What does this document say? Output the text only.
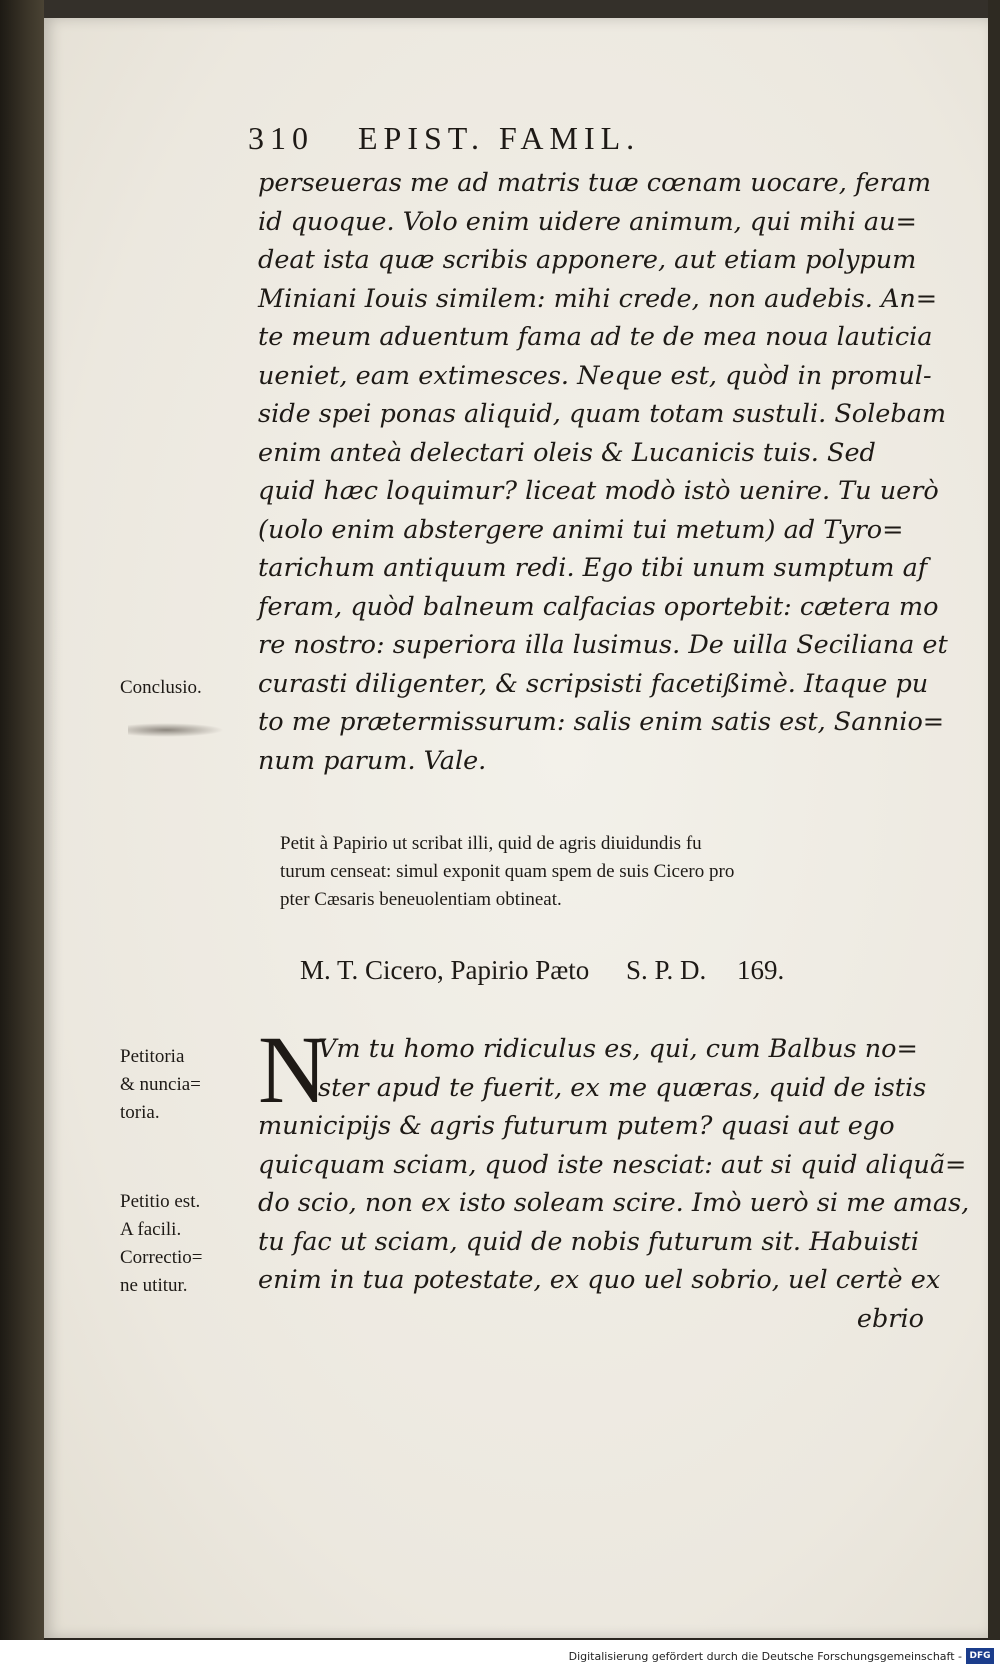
310 EPIST. FAMIL.
perseueras me ad matris tuæ cœnam uocare, feram
id quoque. Volo enim uidere animum, qui mihi au=
deat ista quæ scribis apponere, aut etiam polypum
Miniani Iouis similem: mihi crede, non audebis. An=
te meum aduentum fama ad te de mea noua lauticia
ueniet, eam extimesces. Neque est, quòd in promul-
side spei ponas aliquid, quam totam sustuli. Solebam
enim anteà delectari oleis & Lucanicis tuis. Sed
quid hæc loquimur? liceat modò istò uenire. Tu uerò
(uolo enim abstergere animi tui metum) ad Tyro=
tarichum antiquum redi. Ego tibi unum sumptum af
feram, quòd balneum calfacias oportebit: cætera mo
re nostro: superiora illa lusimus. De uilla Seciliana et
curasti diligenter, & scripsisti facetißimè. Itaque pu
to me prætermissurum: salis enim satis est, Sannio=
num parum. Vale.
Conclusio.
Petit à Papirio ut scribat illi, quid de agris diuidundis fu
turum censeat: simul exponit quam spem de suis Cicero pro
pter Cæsaris beneuolentiam obtineat.
M. T. Cicero, Papirio Pæto S. P. D. 169.
Petitoria
& nuncia=
toria.
Petitio est.
A facili.
Correctio=
ne utitur.
N
Vm tu homo ridiculus es, qui, cum Balbus no=
ster apud te fuerit, ex me quæras, quid de istis
municipijs & agris futurum putem? quasi aut ego
quicquam sciam, quod iste nesciat: aut si quid aliquã=
do scio, non ex isto soleam scire. Imò uerò si me amas,
tu fac ut sciam, quid de nobis futurum sit. Habuisti
enim in tua potestate, ex quo uel sobrio, uel certè ex
ebrio
Digitalisierung gefördert durch die Deutsche Forschungsgemeinschaft - DFG
